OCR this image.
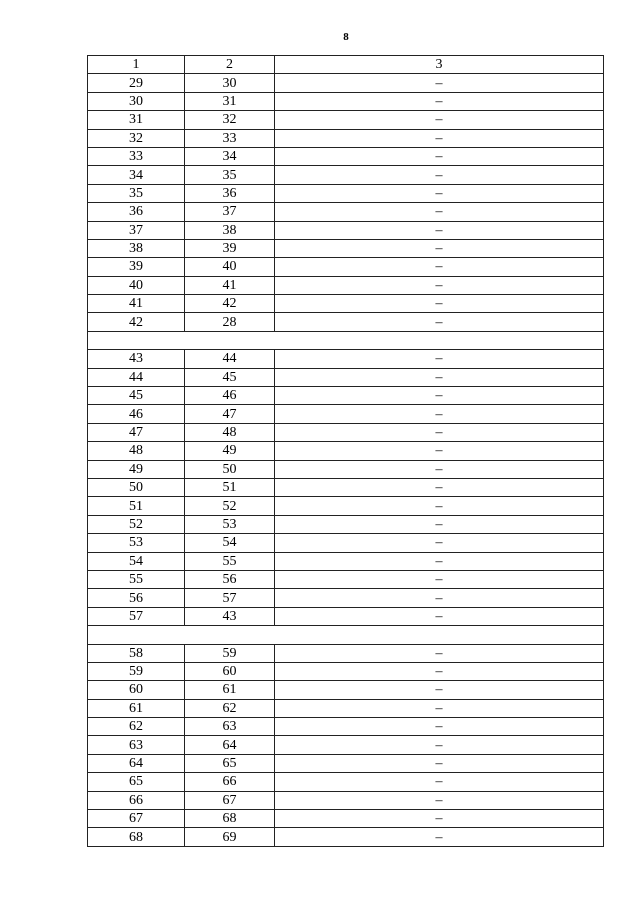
8
1	2	3
29	30	–
30	31	–
31	32	–
32	33	–
33	34	–
34	35	–
35	36	–
36	37	–
37	38	–
38	39	–
39	40	–
40	41	–
41	42	–
42	28	–

43	44	–
44	45	–
45	46	–
46	47	–
47	48	–
48	49	–
49	50	–
50	51	–
51	52	–
52	53	–
53	54	–
54	55	–
55	56	–
56	57	–
57	43	–

58	59	–
59	60	–
60	61	–
61	62	–
62	63	–
63	64	–
64	65	–
65	66	–
66	67	–
67	68	–
68	69	–
